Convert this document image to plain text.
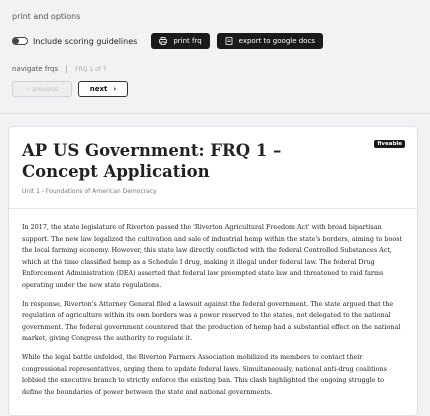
print and options
Include scoring guidelines	print frq	export to google docs
navigate frqs	FRQ 1 of 7
‹ previous	next ›
AP US Government: FRQ 1 – Concept Application
fiveable
Unit 1 - Foundations of American Democracy

In 2017, the state legislature of Riverton passed the 'Riverton Agricultural Freedom Act' with broad bipartisan support. The new law legalized the cultivation and sale of industrial hemp within the state's borders, aiming to boost the local farming economy. However, this state law directly conflicted with the federal Controlled Substances Act, which at the time classified hemp as a Schedule I drug, making it illegal under federal law. The federal Drug Enforcement Administration (DEA) asserted that federal law preempted state law and threatened to raid farms operating under the new state regulations.

In response, Riverton's Attorney General filed a lawsuit against the federal government. The state argued that the regulation of agriculture within its own borders was a power reserved to the states, not delegated to the national government. The federal government countered that the production of hemp had a substantial effect on the national market, giving Congress the authority to regulate it.

While the legal battle unfolded, the Riverton Farmers Association mobilized its members to contact their congressional representatives, urging them to update federal laws. Simultaneously, national anti-drug coalitions lobbied the executive branch to strictly enforce the existing ban. This clash highlighted the ongoing struggle to define the boundaries of power between the state and national governments.
